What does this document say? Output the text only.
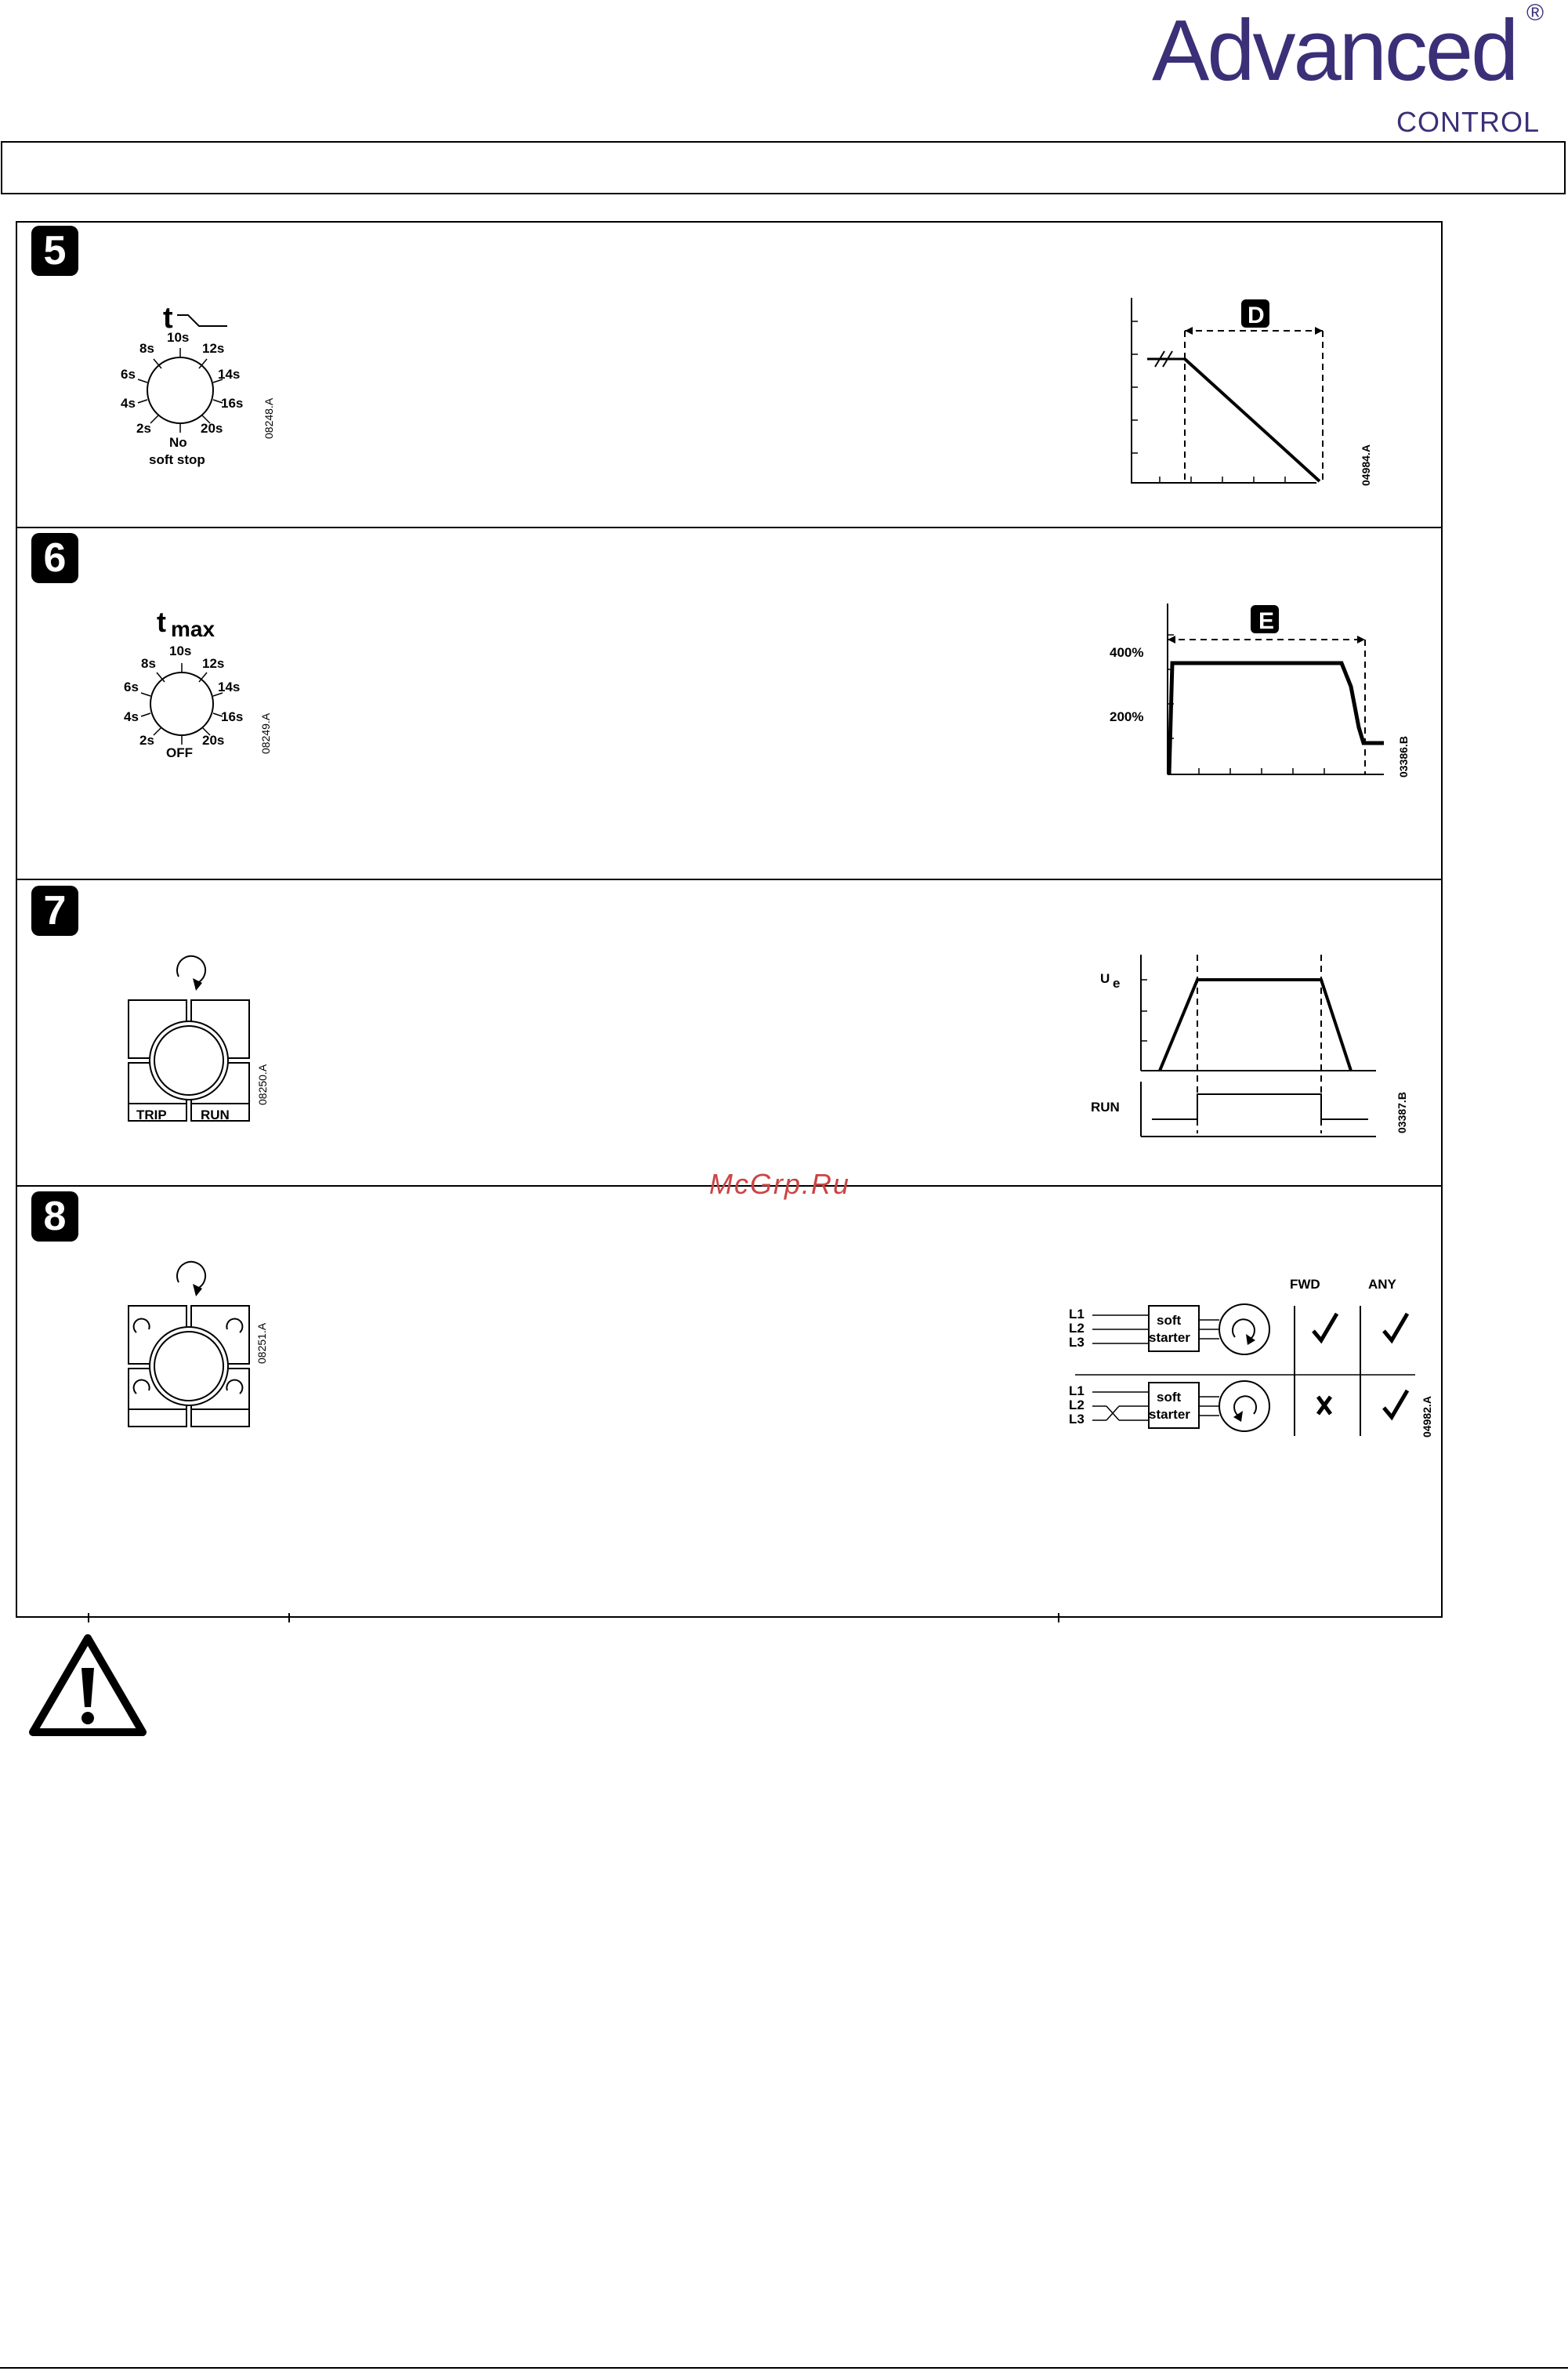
Advanced
CONTROL
®
5
6
7
8
t
8s
10s
12s
6s	14s
4s	16s
2s	20s
No
soft stop
08248.A
D
04984.A
t max
8s
10s
12s
6s	14s
4s	16s
2s	20s
OFF	08249.A
400%
200%
E
03386.B
TRIP	RUN
08250.A
U e
RUN	03387.B
08251.A
FWD	ANY
L1
L2
L3
soft
starter
L1
L2
L3
soft
starter	04982.A
McGrp.Ru
